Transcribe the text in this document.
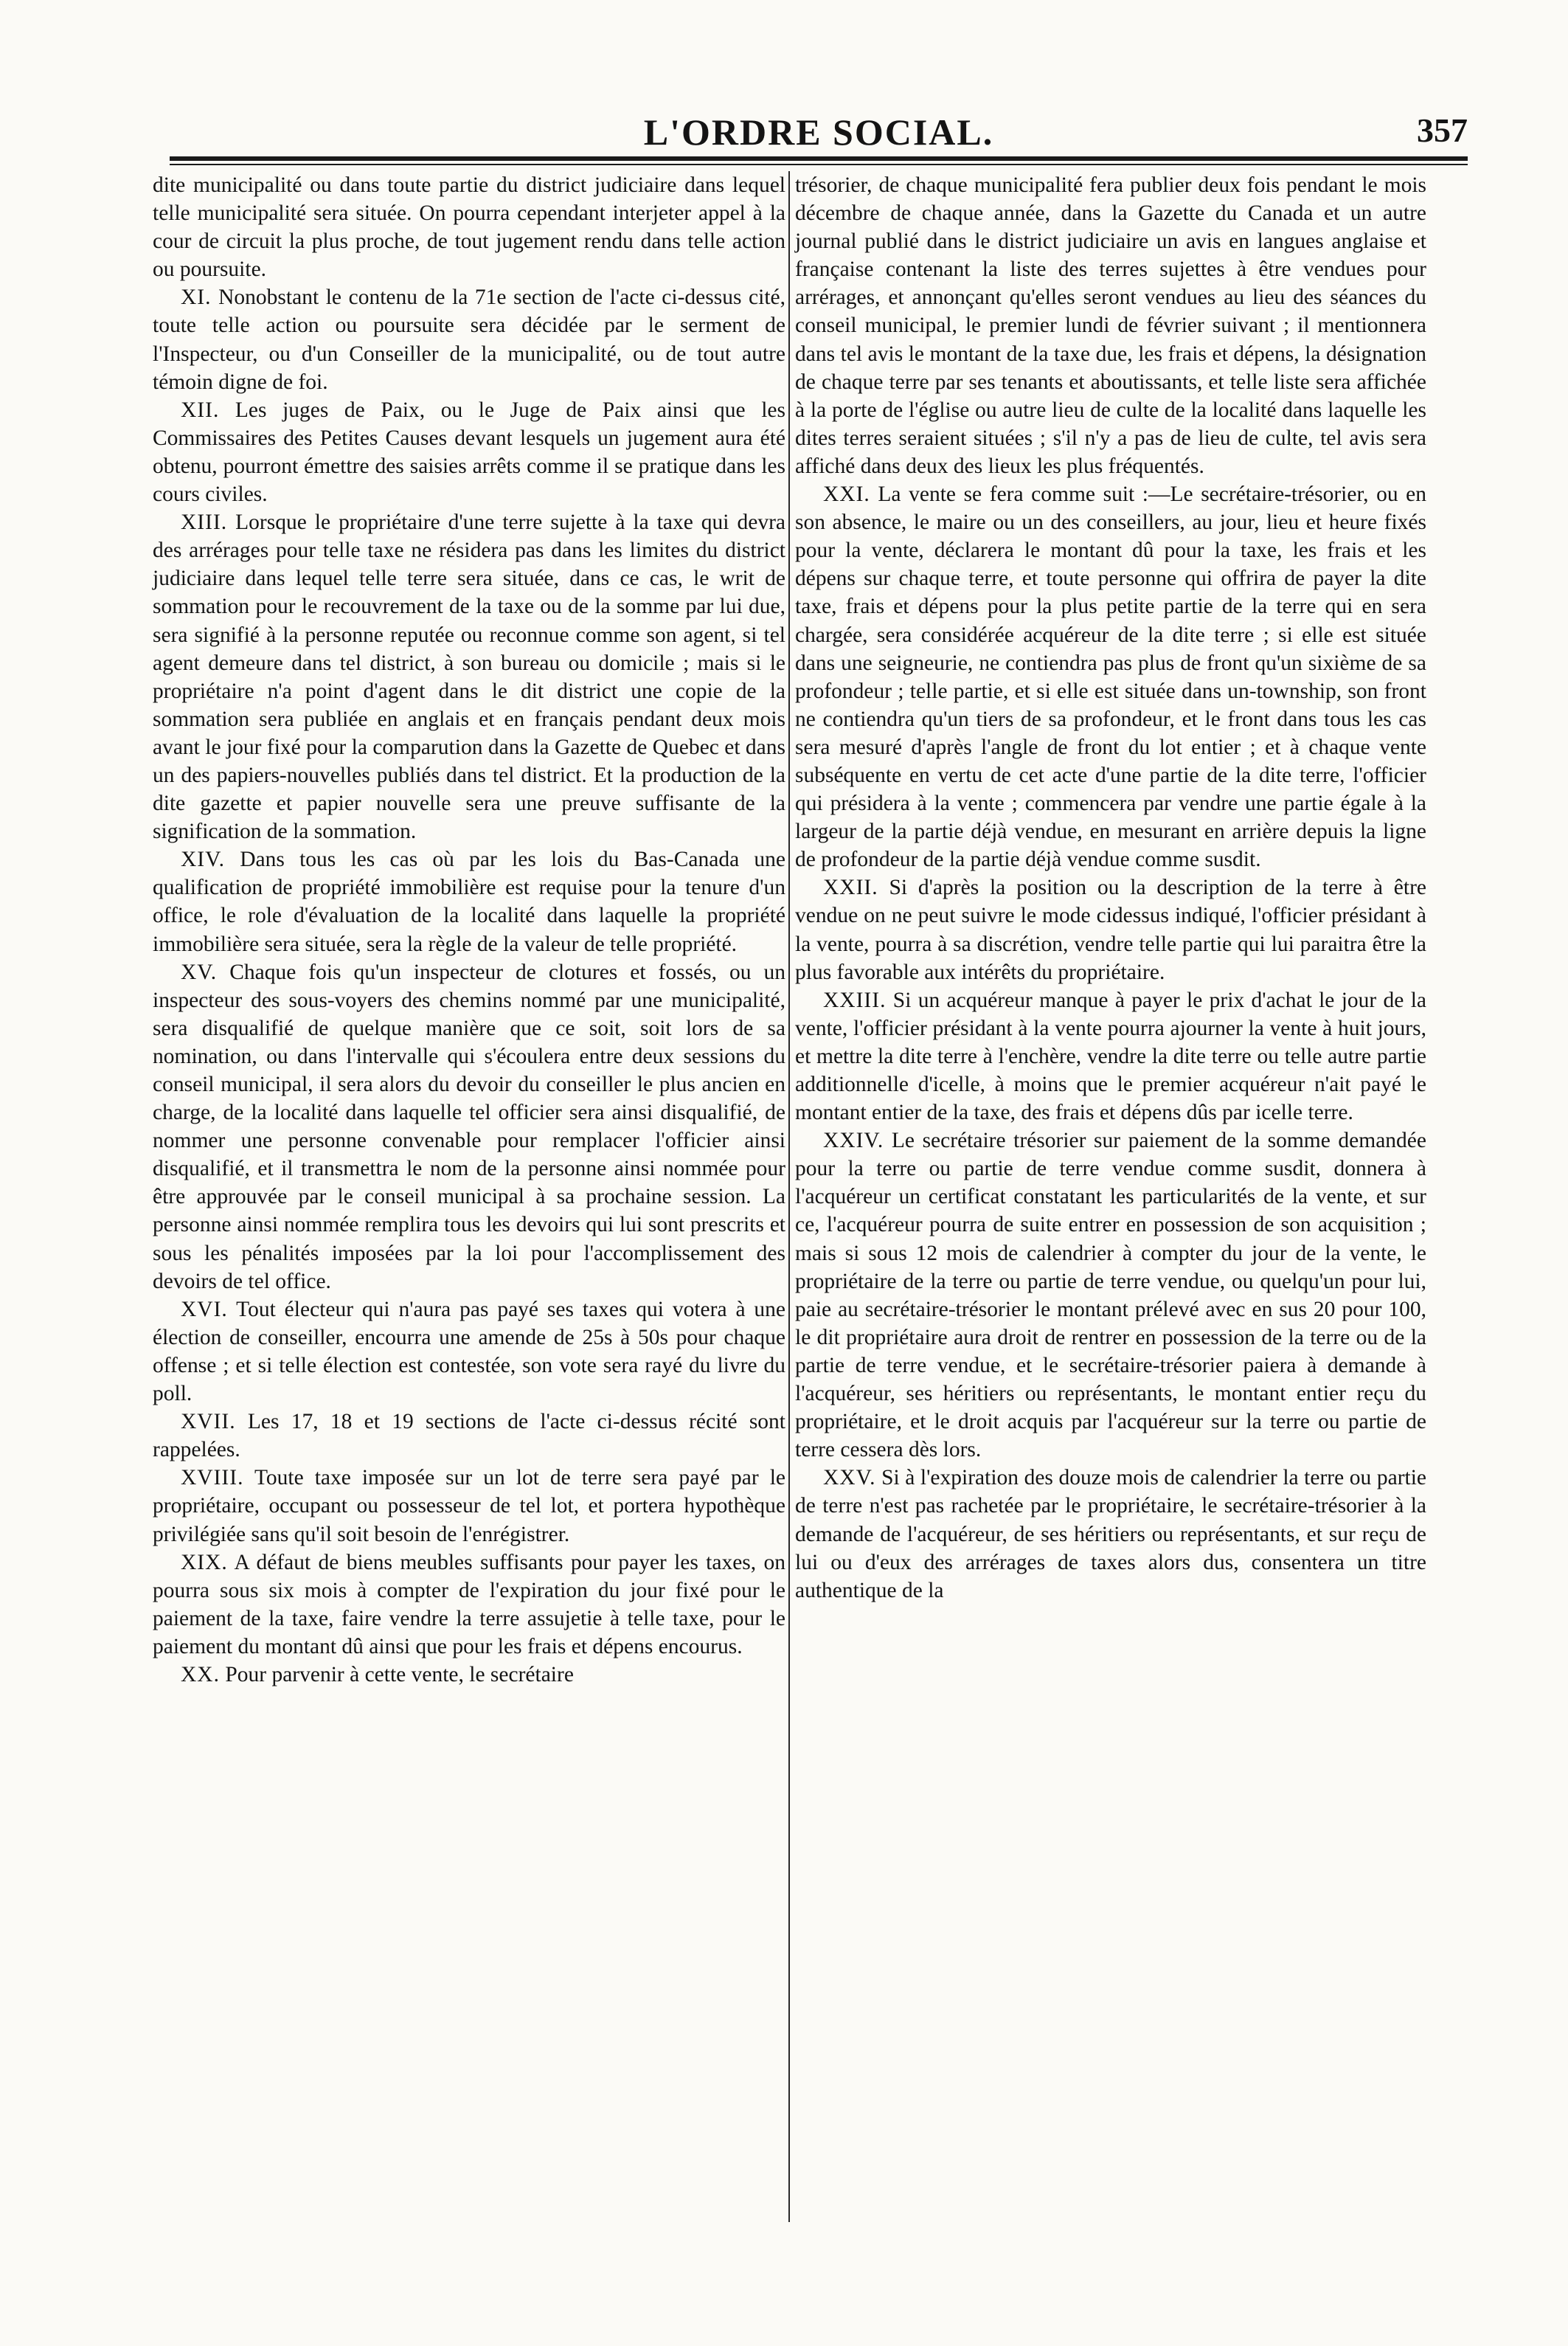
L'ORDRE SOCIAL.	357

dite municipalité ou dans toute partie du district judiciaire dans lequel telle municipalité sera située. On pourra cependant interjeter appel à la cour de circuit la plus proche, de tout jugement rendu dans telle action ou poursuite.

XI. Nonobstant le contenu de la 71e section de l'acte ci-dessus cité, toute telle action ou poursuite sera décidée par le serment de l'Inspecteur, ou d'un Conseiller de la municipalité, ou de tout autre témoin digne de foi.

XII. Les juges de Paix, ou le Juge de Paix ainsi que les Commissaires des Petites Causes devant lesquels un jugement aura été obtenu, pourront émettre des saisies arrêts comme il se pratique dans les cours civiles.

XIII. Lorsque le propriétaire d'une terre sujette à la taxe qui devra des arrérages pour telle taxe ne résidera pas dans les limites du district judiciaire dans lequel telle terre sera située, dans ce cas, le writ de sommation pour le recouvrement de la taxe ou de la somme par lui due, sera signifié à la personne reputée ou reconnue comme son agent, si tel agent demeure dans tel district, à son bureau ou domicile ; mais si le propriétaire n'a point d'agent dans le dit district une copie de la sommation sera publiée en anglais et en français pendant deux mois avant le jour fixé pour la comparution dans la Gazette de Quebec et dans un des papiers-nouvelles publiés dans tel district. Et la production de la dite gazette et papier nouvelle sera une preuve suffisante de la signification de la sommation.

XIV. Dans tous les cas où par les lois du Bas-Canada une qualification de propriété immobilière est requise pour la tenure d'un office, le role d'évaluation de la localité dans laquelle la propriété immobilière sera située, sera la règle de la valeur de telle propriété.

XV. Chaque fois qu'un inspecteur de clotures et fossés, ou un inspecteur des sous-voyers des chemins nommé par une municipalité, sera disqualifié de quelque manière que ce soit, soit lors de sa nomination, ou dans l'intervalle qui s'écoulera entre deux sessions du conseil municipal, il sera alors du devoir du conseiller le plus ancien en charge, de la localité dans laquelle tel officier sera ainsi disqualifié, de nommer une personne convenable pour remplacer l'officier ainsi disqualifié, et il transmettra le nom de la personne ainsi nommée pour être approuvée par le conseil municipal à sa prochaine session. La personne ainsi nommée remplira tous les devoirs qui lui sont prescrits et sous les pénalités imposées par la loi pour l'accomplissement des devoirs de tel office.

XVI. Tout électeur qui n'aura pas payé ses taxes qui votera à une élection de conseiller, encourra une amende de 25s à 50s pour chaque offense ; et si telle élection est contestée, son vote sera rayé du livre du poll.

XVII. Les 17, 18 et 19 sections de l'acte ci-dessus récité sont rappelées.

XVIII. Toute taxe imposée sur un lot de terre sera payé par le propriétaire, occupant ou possesseur de tel lot, et portera hypothèque privilégiée sans qu'il soit besoin de l'enrégistrer.

XIX. A défaut de biens meubles suffisants pour payer les taxes, on pourra sous six mois à compter de l'expiration du jour fixé pour le paiement de la taxe, faire vendre la terre assujetie à telle taxe, pour le paiement du montant dû ainsi que pour les frais et dépens encourus.

XX. Pour parvenir à cette vente, le secrétaire

trésorier, de chaque municipalité fera publier deux fois pendant le mois décembre de chaque année, dans la Gazette du Canada et un autre journal publié dans le district judiciaire un avis en langues anglaise et française contenant la liste des terres sujettes à être vendues pour arrérages, et annonçant qu'elles seront vendues au lieu des séances du conseil municipal, le premier lundi de février suivant ; il mentionnera dans tel avis le montant de la taxe due, les frais et dépens, la désignation de chaque terre par ses tenants et aboutissants, et telle liste sera affichée à la porte de l'église ou autre lieu de culte de la localité dans laquelle les dites terres seraient situées ; s'il n'y a pas de lieu de culte, tel avis sera affiché dans deux des lieux les plus fréquentés.

XXI. La vente se fera comme suit :—Le secrétaire-trésorier, ou en son absence, le maire ou un des conseillers, au jour, lieu et heure fixés pour la vente, déclarera le montant dû pour la taxe, les frais et les dépens sur chaque terre, et toute personne qui offrira de payer la dite taxe, frais et dépens pour la plus petite partie de la terre qui en sera chargée, sera considérée acquéreur de la dite terre ; si elle est située dans une seigneurie, ne contiendra pas plus de front qu'un sixième de sa profondeur ; telle partie, et si elle est située dans un-township, son front ne contiendra qu'un tiers de sa profondeur, et le front dans tous les cas sera mesuré d'après l'angle de front du lot entier ; et à chaque vente subséquente en vertu de cet acte d'une partie de la dite terre, l'officier qui présidera à la vente ; commencera par vendre une partie égale à la largeur de la partie déjà vendue, en mesurant en arrière depuis la ligne de profondeur de la partie déjà vendue comme susdit.

XXII. Si d'après la position ou la description de la terre à être vendue on ne peut suivre le mode cidessus indiqué, l'officier présidant à la vente, pourra à sa discrétion, vendre telle partie qui lui paraitra être la plus favorable aux intérêts du propriétaire.

XXIII. Si un acquéreur manque à payer le prix d'achat le jour de la vente, l'officier présidant à la vente pourra ajourner la vente à huit jours, et mettre la dite terre à l'enchère, vendre la dite terre ou telle autre partie additionnelle d'icelle, à moins que le premier acquéreur n'ait payé le montant entier de la taxe, des frais et dépens dûs par icelle terre.

XXIV. Le secrétaire trésorier sur paiement de la somme demandée pour la terre ou partie de terre vendue comme susdit, donnera à l'acquéreur un certificat constatant les particularités de la vente, et sur ce, l'acquéreur pourra de suite entrer en possession de son acquisition ; mais si sous 12 mois de calendrier à compter du jour de la vente, le propriétaire de la terre ou partie de terre vendue, ou quelqu'un pour lui, paie au secrétaire-trésorier le montant prélevé avec en sus 20 pour 100, le dit propriétaire aura droit de rentrer en possession de la terre ou de la partie de terre vendue, et le secrétaire-trésorier paiera à demande à l'acquéreur, ses héritiers ou représentants, le montant entier reçu du propriétaire, et le droit acquis par l'acquéreur sur la terre ou partie de terre cessera dès lors.

XXV. Si à l'expiration des douze mois de calendrier la terre ou partie de terre n'est pas rachetée par le propriétaire, le secrétaire-trésorier à la demande de l'acquéreur, de ses héritiers ou représentants, et sur reçu de lui ou d'eux des arrérages de taxes alors dus, consentera un titre authentique de la
